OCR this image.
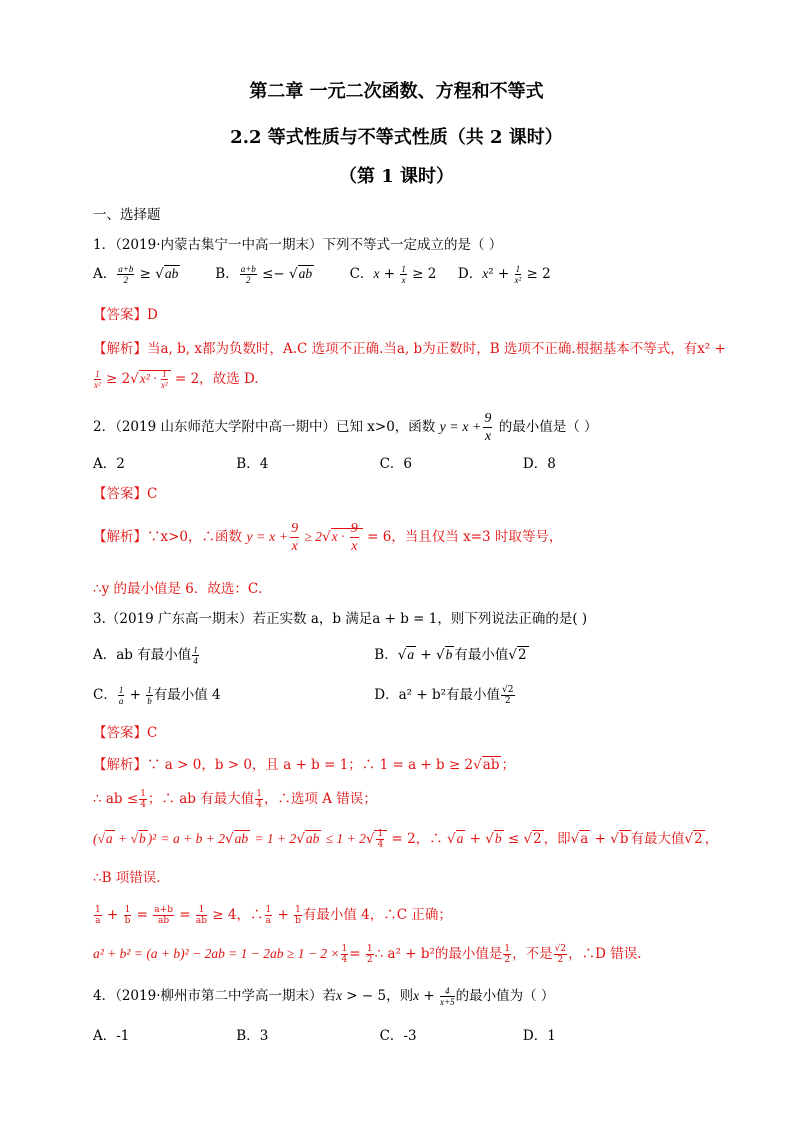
第二章 一元二次函数、方程和不等式
2.2 等式性质与不等式性质（共 2 课时）
（第 1 课时）
一、选择题
1．（2019·内蒙古集宁一中高一期末）下列不等式一定成立的是（ ）
A． $\frac{a+b}{2} \ge √ab$	B． $\frac{a+b}{2} \le- √ab$	C．$x + \frac{1}{x} \ge 2$ D．$x^2 + \frac{1}{\text{x²}} \ge 2$
【答案】D
【解析】当a, b, x都为负数时，A.C 选项不正确.当a, b为正数时，B 选项不正确.根据基本不等式，有x² +
$\frac{1}{\text{x²}} \ge 2√x^2 \cdot \frac{1}{\text{x²}} = 2$，故选 D.
2．（2019 山东师范大学附中高一期中）已知 x>0，函数 $y = x + \frac{9}{x}$ 的最小值是（ ）
A．2	B．4	C．6	D．8
【答案】C
【解析】∵x>0，∴函数 $y = x + \frac{9}{x} \ge 2√x \cdot \frac{9}{x} = 6$，当且仅当 x=3 时取等号，
∴y 的最小值是 6．故选：C．
3.（2019 广东高一期末）若正实数 a，b 满足a + b = 1，则下列说法正确的是( )
A．ab 有最小值 $\frac{1}{4}$	B．√a + √b 有最小值√2
C． $\frac{1}{a} + \frac{1}{b}$ 有最小值 4	D．a² + b²有最小值 $\frac{√2}{2}$
【答案】C
【解析】∵ a > 0，b > 0，且 a + b = 1；∴ 1 = a + b ≥ 2√ab ；
∴ ab ≤ $\frac{1}{4}$ ；∴ ab 有最大值 $\frac{1}{4}$ ，∴选项 A 错误；
(√a + √b )$^2 = a + b + 2√ab = 1 + 2√ab \le 1 + 2√ \frac{1}{4} = 2$，∴ √a + √b ≤ √2 ，即√a + √b 有最大值√2 ，
∴B 项错误.
$\frac{1}{a} + \frac{1}{b} = \frac{a+b}{ab} = \frac{1}{ab} \ge 4$，∴ $\frac{1}{a} + \frac{1}{b}$ 有最小值 4，∴C 正确；
$a^2 + b^2 = (a + b)^2 - 2ab = 1 - 2ab \ge 1 - 2 \times \frac{1}{4} = \frac{1}{2}$ ∴ a² + b²的最小值是 $\frac{1}{2}$ ，不是 $\frac{√2}{2}$ ，∴D 错误.
4．（2019·柳州市第二中学高一期末）若x > − 5，则$x + \frac{4}{x+5}$ 的最小值为（ ）
A．-1	B．3	C．-3	D．1
